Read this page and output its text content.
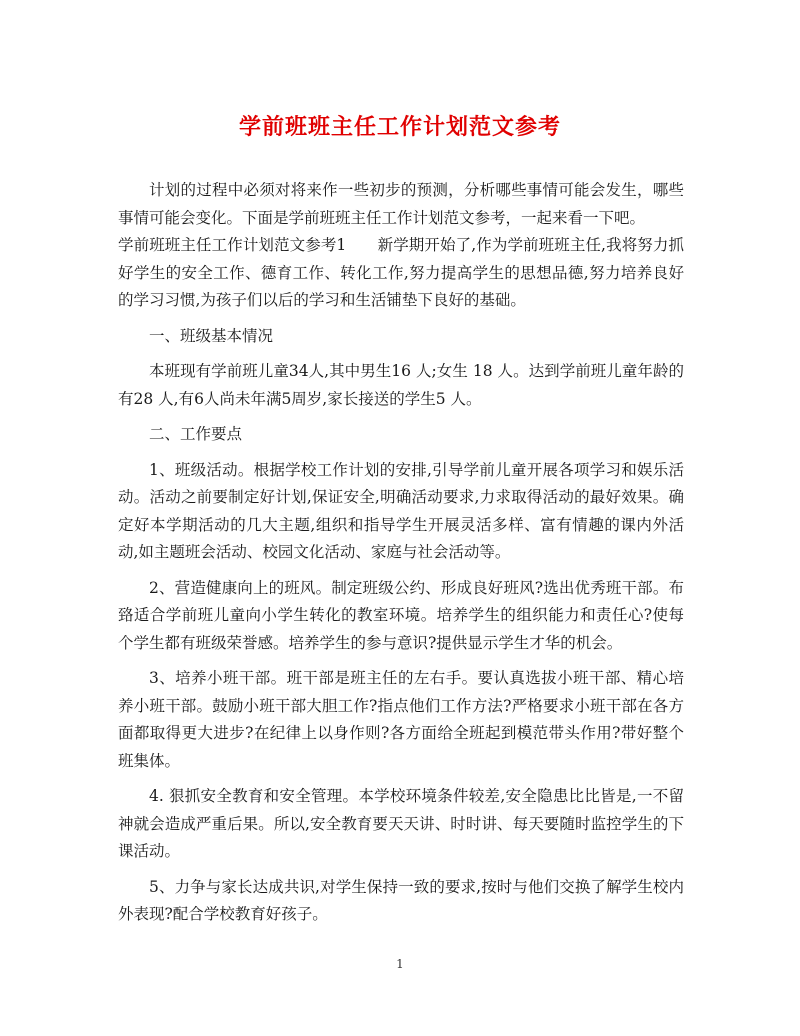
学前班班主任工作计划范文参考

计划的过程中必须对将来作一些初步的预测，分析哪些事情可能会发生，哪些事情可能会变化。下面是学前班班主任工作计划范文参考，一起来看一下吧。

学前班班主任工作计划范文参考1　　新学期开始了,作为学前班班主任,我将努力抓好学生的安全工作、德育工作、转化工作,努力提高学生的思想品德,努力培养良好的学习习惯,为孩子们以后的学习和生活铺垫下良好的基础。

一、班级基本情况

本班现有学前班儿童34人,其中男生16 人;女生 18 人。达到学前班儿童年龄的有28 人,有6人尚未年满5周岁,家长接送的学生5 人。

二、工作要点

1、班级活动。根据学校工作计划的安排,引导学前儿童开展各项学习和娱乐活动。活动之前要制定好计划,保证安全,明确活动要求,力求取得活动的最好效果。确定好本学期活动的几大主题,组织和指导学生开展灵活多样、富有情趣的课内外活动,如主题班会活动、校园文化活动、家庭与社会活动等。

2、营造健康向上的班风。制定班级公约、形成良好班风?选出优秀班干部。布臵适合学前班儿童向小学生转化的教室环境。培养学生的组织能力和责任心?使每个学生都有班级荣誉感。培养学生的参与意识?提供显示学生才华的机会。

3、培养小班干部。班干部是班主任的左右手。要认真选拔小班干部、精心培养小班干部。鼓励小班干部大胆工作?指点他们工作方法?严格要求小班干部在各方面都取得更大进步?在纪律上以身作则?各方面给全班起到模范带头作用?带好整个班集体。

4. 狠抓安全教育和安全管理。本学校环境条件较差,安全隐患比比皆是,一不留神就会造成严重后果。所以,安全教育要天天讲、时时讲、每天要随时监控学生的下课活动。

5、力争与家长达成共识,对学生保持一致的要求,按时与他们交换了解学生校内外表现?配合学校教育好孩子。

1
